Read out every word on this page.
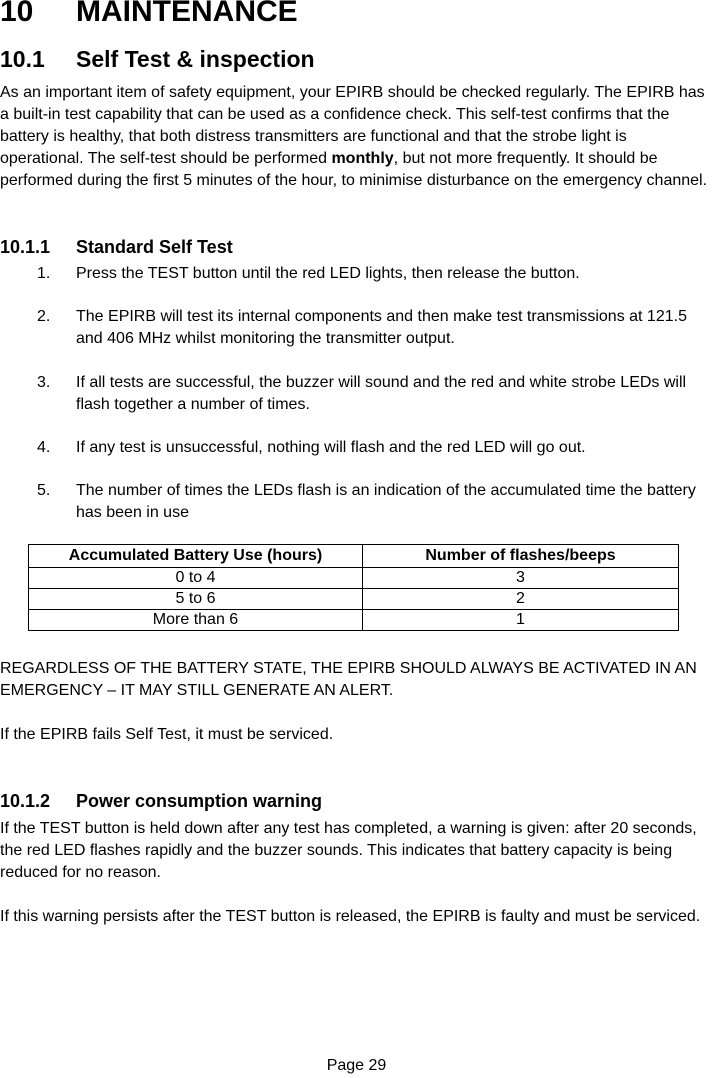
10 MAINTENANCE
10.1 Self Test & inspection

As an important item of safety equipment, your EPIRB should be checked regularly. The EPIRB has a built-in test capability that can be used as a confidence check. This self-test confirms that the battery is healthy, that both distress transmitters are functional and that the strobe light is operational. The self-test should be performed monthly, but not more frequently. It should be performed during the first 5 minutes of the hour, to minimise disturbance on the emergency channel.

10.1.1 Standard Self Test
1. Press the TEST button until the red LED lights, then release the button.
2. The EPIRB will test its internal components and then make test transmissions at 121.5 and 406 MHz whilst monitoring the transmitter output.
3. If all tests are successful, the buzzer will sound and the red and white strobe LEDs will flash together a number of times.
4. If any test is unsuccessful, nothing will flash and the red LED will go out.
5. The number of times the LEDs flash is an indication of the accumulated time the battery has been in use
Accumulated Battery Use (hours)	Number of flashes/beeps
0 to 4	3
5 to 6	2
More than 6	1

REGARDLESS OF THE BATTERY STATE, THE EPIRB SHOULD ALWAYS BE ACTIVATED IN AN EMERGENCY – IT MAY STILL GENERATE AN ALERT.

If the EPIRB fails Self Test, it must be serviced.

10.1.2 Power consumption warning

If the TEST button is held down after any test has completed, a warning is given: after 20 seconds, the red LED flashes rapidly and the buzzer sounds. This indicates that battery capacity is being reduced for no reason.

If this warning persists after the TEST button is released, the EPIRB is faulty and must be serviced.

Page 29
